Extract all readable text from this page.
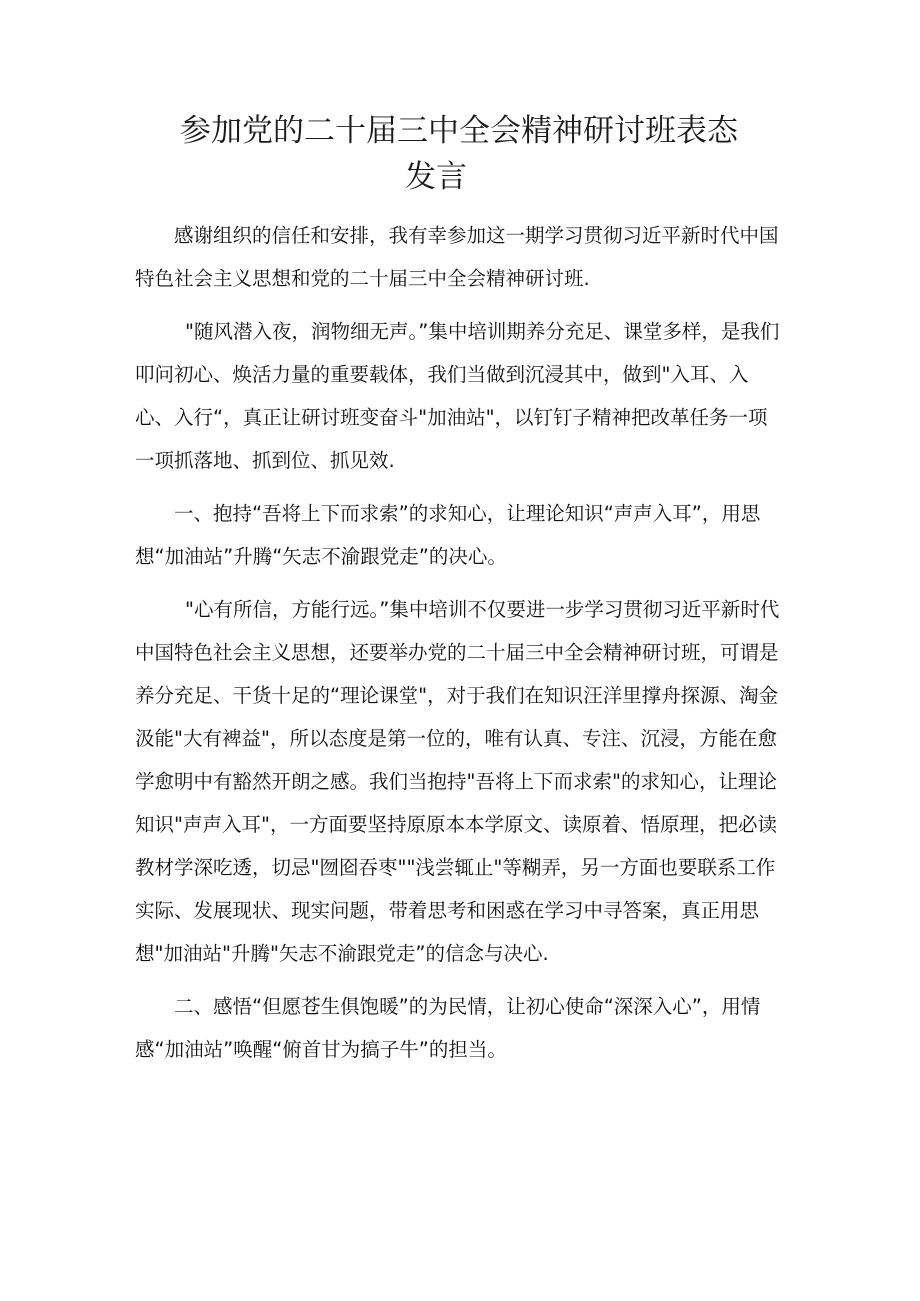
参加党的二十届三中全会精神研讨班表态
发言

感谢组织的信任和安排，我有幸参加这一期学习贯彻习近平新时代中国特色社会主义思想和党的二十届三中全会精神研讨班.

"随风潜入夜，润物细无声。”集中培训期养分充足、课堂多样，是我们叩问初心、焕活力量的重要载体，我们当做到沉浸其中，做到"入耳、入心、入行“，真正让研讨班变奋斗"加油站"，以钉钉子精神把改革任务一项一项抓落地、抓到位、抓见效.

一、抱持“吾将上下而求索”的求知心，让理论知识“声声入耳”，用思想“加油站”升腾“矢志不渝跟党走”的决心。

"心有所信，方能行远。”集中培训不仅要进一步学习贯彻习近平新时代中国特色社会主义思想，还要举办党的二十届三中全会精神研讨班，可谓是养分充足、干货十足的“理论课堂"，对于我们在知识汪洋里撑舟探源、淘金汲能"大有裨益"，所以态度是第一位的，唯有认真、专注、沉浸，方能在愈学愈明中有豁然开朗之感。我们当抱持"吾将上下而求索"的求知心，让理论知识"声声入耳"，一方面要坚持原原本本学原文、读原着、悟原理，把必读教材学深吃透，切忌"囫囵吞枣""浅尝辄止"等糊弄，另一方面也要联系工作实际、发展现状、现实问题，带着思考和困惑在学习中寻答案，真正用思想"加油站"升腾"矢志不渝跟党走”的信念与决心.

二、感悟“但愿苍生俱饱暖”的为民情，让初心使命“深深入心”，用情感“加油站”唤醒“俯首甘为搞子牛”的担当。
